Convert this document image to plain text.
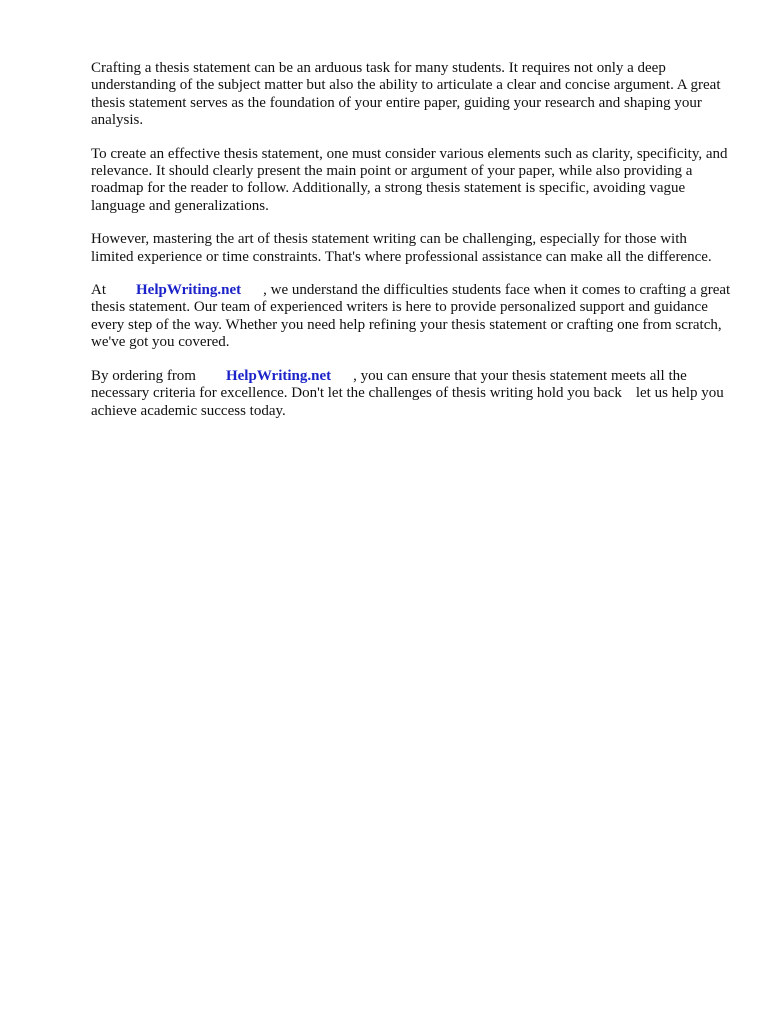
Crafting a thesis statement can be an arduous task for many students. It requires not only a deep understanding of the subject matter but also the ability to articulate a clear and concise argument. A great thesis statement serves as the foundation of your entire paper, guiding your research and shaping your analysis.

To create an effective thesis statement, one must consider various elements such as clarity, specificity, and relevance. It should clearly present the main point or argument of your paper, while also providing a roadmap for the reader to follow. Additionally, a strong thesis statement is specific, avoiding vague language and generalizations.

However, mastering the art of thesis statement writing can be challenging, especially for those with limited experience or time constraints. That's where professional assistance can make all the difference.

At HelpWriting.net , we understand the difficulties students face when it comes to crafting a great thesis statement. Our team of experienced writers is here to provide personalized support and guidance every step of the way. Whether you need help refining your thesis statement or crafting one from scratch, we've got you covered.

By ordering from HelpWriting.net , you can ensure that your thesis statement meets all the necessary criteria for excellence. Don't let the challenges of thesis writing hold you back let us help you achieve academic success today.
